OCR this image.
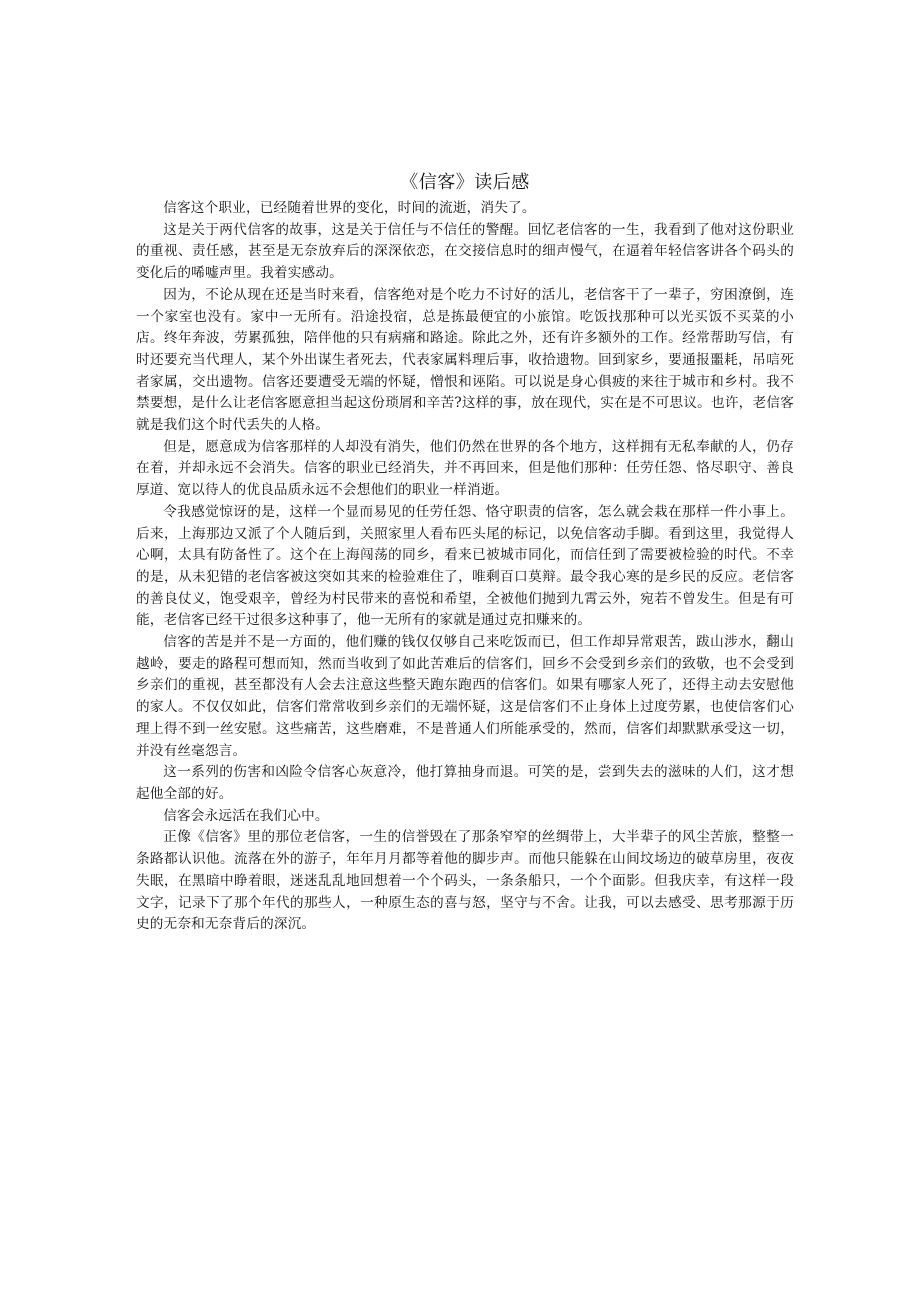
《信客》读后感

信客这个职业，已经随着世界的变化，时间的流逝，消失了。

这是关于两代信客的故事，这是关于信任与不信任的警醒。回忆老信客的一生，我看到了他对这份职业的重视、责任感，甚至是无奈放弃后的深深依恋，在交接信息时的细声慢气，在逼着年轻信客讲各个码头的变化后的唏嘘声里。我着实感动。

因为，不论从现在还是当时来看，信客绝对是个吃力不讨好的活儿，老信客干了一辈子，穷困潦倒，连一个家室也没有。家中一无所有。沿途投宿，总是拣最便宜的小旅馆。吃饭找那种可以光买饭不买菜的小店。终年奔波，劳累孤独，陪伴他的只有病痛和路途。除此之外，还有许多额外的工作。经常帮助写信，有时还要充当代理人，某个外出谋生者死去，代表家属料理后事，收拾遗物。回到家乡，要通报噩耗，吊唁死者家属，交出遗物。信客还要遭受无端的怀疑，憎恨和诬陷。可以说是身心俱疲的来往于城市和乡村。我不禁要想，是什么让老信客愿意担当起这份琐屑和辛苦?这样的事，放在现代，实在是不可思议。也许，老信客就是我们这个时代丢失的人格。

但是，愿意成为信客那样的人却没有消失，他们仍然在世界的各个地方，这样拥有无私奉献的人，仍存在着，并却永远不会消失。信客的职业已经消失，并不再回来，但是他们那种：任劳任怨、恪尽职守、善良厚道、宽以待人的优良品质永远不会想他们的职业一样消逝。

令我感觉惊讶的是，这样一个显而易见的任劳任怨、恪守职责的信客，怎么就会栽在那样一件小事上。后来，上海那边又派了个人随后到，关照家里人看布匹头尾的标记，以免信客动手脚。看到这里，我觉得人心啊，太具有防备性了。这个在上海闯荡的同乡，看来已被城市同化，而信任到了需要被检验的时代。不幸的是，从未犯错的老信客被这突如其来的检验难住了，唯剩百口莫辩。最令我心寒的是乡民的反应。老信客的善良仗义，饱受艰辛，曾经为村民带来的喜悦和希望，全被他们抛到九霄云外，宛若不曾发生。但是有可能，老信客已经干过很多这种事了，他一无所有的家就是通过克扣赚来的。

信客的苦是并不是一方面的，他们赚的钱仅仅够自己来吃饭而已，但工作却异常艰苦，跋山涉水，翻山越岭，要走的路程可想而知，然而当收到了如此苦难后的信客们，回乡不会受到乡亲们的致敬，也不会受到乡亲们的重视，甚至都没有人会去注意这些整天跑东跑西的信客们。如果有哪家人死了，还得主动去安慰他的家人。不仅仅如此，信客们常常收到乡亲们的无端怀疑，这是信客们不止身体上过度劳累，也使信客们心理上得不到一丝安慰。这些痛苦，这些磨难，不是普通人们所能承受的，然而，信客们却默默承受这一切，并没有丝毫怨言。

这一系列的伤害和凶险令信客心灰意冷，他打算抽身而退。可笑的是，尝到失去的滋味的人们，这才想起他全部的好。

信客会永远活在我们心中。

正像《信客》里的那位老信客，一生的信誉毁在了那条窄窄的丝绸带上，大半辈子的风尘苦旅，整整一条路都认识他。流落在外的游子，年年月月都等着他的脚步声。而他只能躲在山间坟场边的破草房里，夜夜失眠，在黑暗中睁着眼，迷迷乱乱地回想着一个个码头，一条条船只，一个个面影。但我庆幸，有这样一段文字，记录下了那个年代的那些人，一种原生态的喜与怒，坚守与不舍。让我，可以去感受、思考那源于历史的无奈和无奈背后的深沉。
